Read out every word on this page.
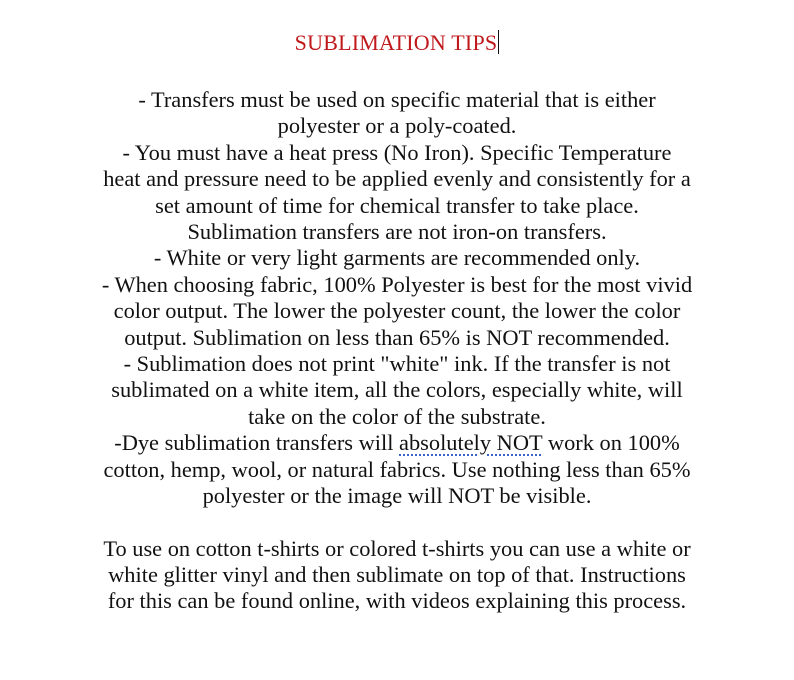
SUBLIMATION TIPS
- Transfers must be used on specific material that is either
polyester or a poly-coated.
- You must have a heat press (No Iron). Specific Temperature
heat and pressure need to be applied evenly and consistently for a
set amount of time for chemical transfer to take place.
Sublimation transfers are not iron-on transfers.
- White or very light garments are recommended only.
- When choosing fabric, 100% Polyester is best for the most vivid
color output. The lower the polyester count, the lower the color
output. Sublimation on less than 65% is NOT recommended.
- Sublimation does not print "white" ink. If the transfer is not
sublimated on a white item, all the colors, especially white, will
take on the color of the substrate.
-Dye sublimation transfers will absolutely NOT work on 100%
cotton, hemp, wool, or natural fabrics. Use nothing less than 65%
polyester or the image will NOT be visible.
To use on cotton t-shirts or colored t-shirts you can use a white or
white glitter vinyl and then sublimate on top of that. Instructions
for this can be found online, with videos explaining this process.
